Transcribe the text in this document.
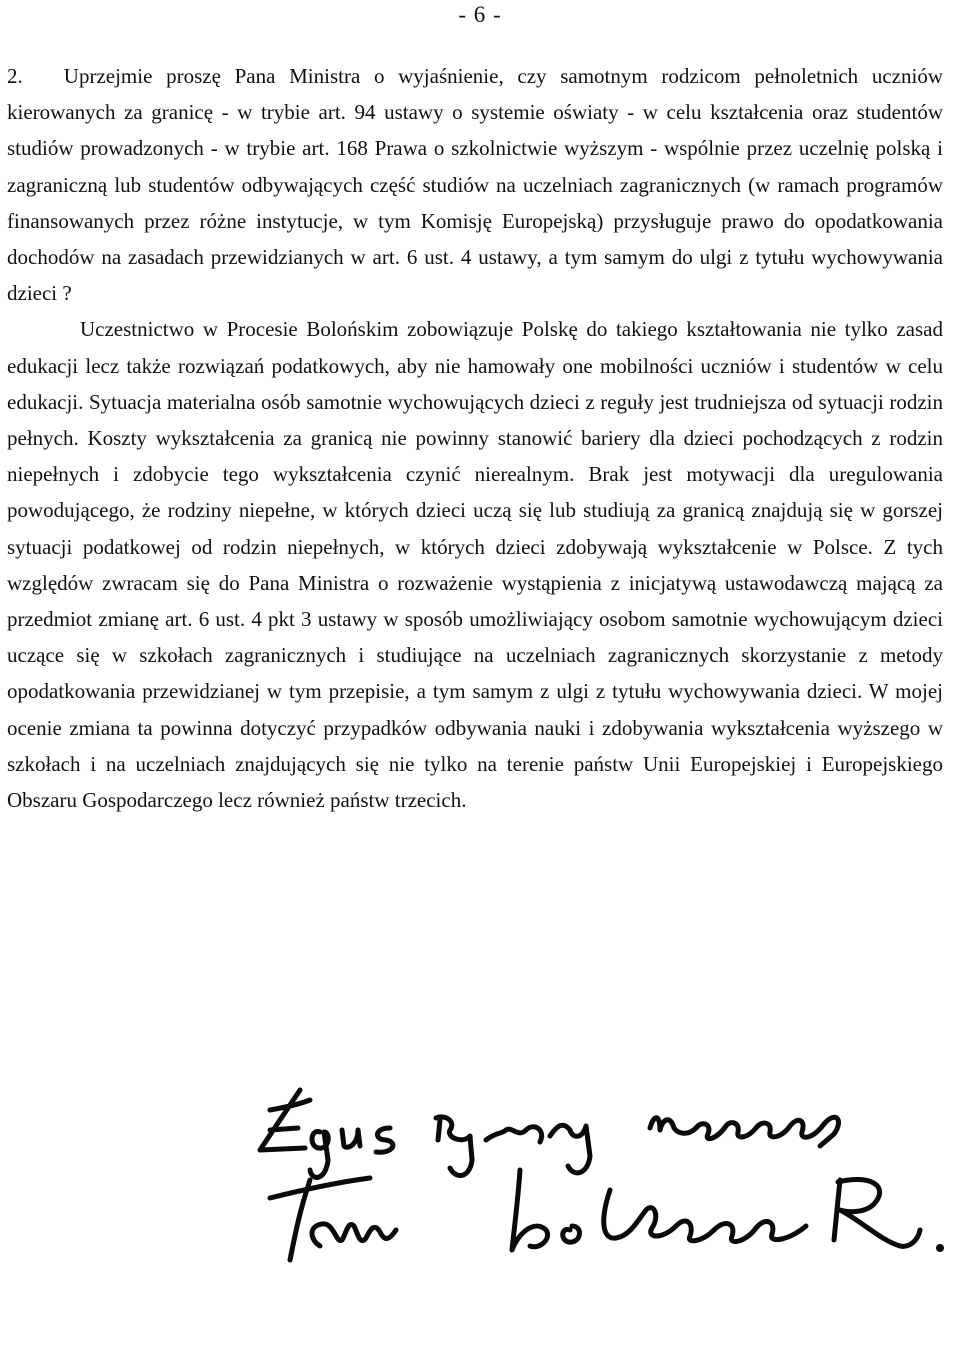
- 6 -

2.   Uprzejmie proszę Pana Ministra o wyjaśnienie, czy samotnym rodzicom pełnoletnich uczniów kierowanych za granicę - w trybie art. 94 ustawy o systemie oświaty - w celu kształcenia oraz studentów studiów prowadzonych - w trybie art. 168 Prawa o szkolnictwie wyższym - wspólnie przez uczelnię polską i zagraniczną lub studentów odbywających część studiów na uczelniach zagranicznych (w ramach programów finansowanych przez różne instytucje, w tym Komisję Europejską) przysługuje prawo do opodatkowania dochodów na zasadach przewidzianych w art. 6 ust. 4 ustawy, a tym samym do ulgi z tytułu wychowywania dzieci ?

Uczestnictwo w Procesie Bolońskim zobowiązuje Polskę do takiego kształtowania nie tylko zasad edukacji lecz także rozwiązań podatkowych, aby nie hamowały one mobilności uczniów i studentów w celu edukacji. Sytuacja materialna osób samotnie wychowujących dzieci z reguły jest trudniejsza od sytuacji rodzin pełnych. Koszty wykształcenia za granicą nie powinny stanowić bariery dla dzieci pochodzących z rodzin niepełnych i zdobycie tego wykształcenia czynić nierealnym. Brak jest motywacji dla uregulowania powodującego, że rodziny niepełne, w których dzieci uczą się lub studiują za granicą znajdują się w gorszej sytuacji podatkowej od rodzin niepełnych, w których dzieci zdobywają wykształcenie w Polsce. Z tych względów zwracam się do Pana Ministra o rozważenie wystąpienia z inicjatywą ustawodawczą mającą za przedmiot zmianę art. 6 ust. 4 pkt 3 ustawy w sposób umożliwiający osobom samotnie wychowującym dzieci uczące się w szkołach zagranicznych i studiujące na uczelniach zagranicznych skorzystanie z metody opodatkowania przewidzianej w tym przepisie, a tym samym z ulgi z tytułu wychowywania dzieci. W mojej ocenie zmiana ta powinna dotyczyć przypadków odbywania nauki i zdobywania wykształcenia wyższego w szkołach i na uczelniach znajdujących się nie tylko na terenie państw Unii Europejskiej i Europejskiego Obszaru Gospodarczego lecz również państw trzecich.
